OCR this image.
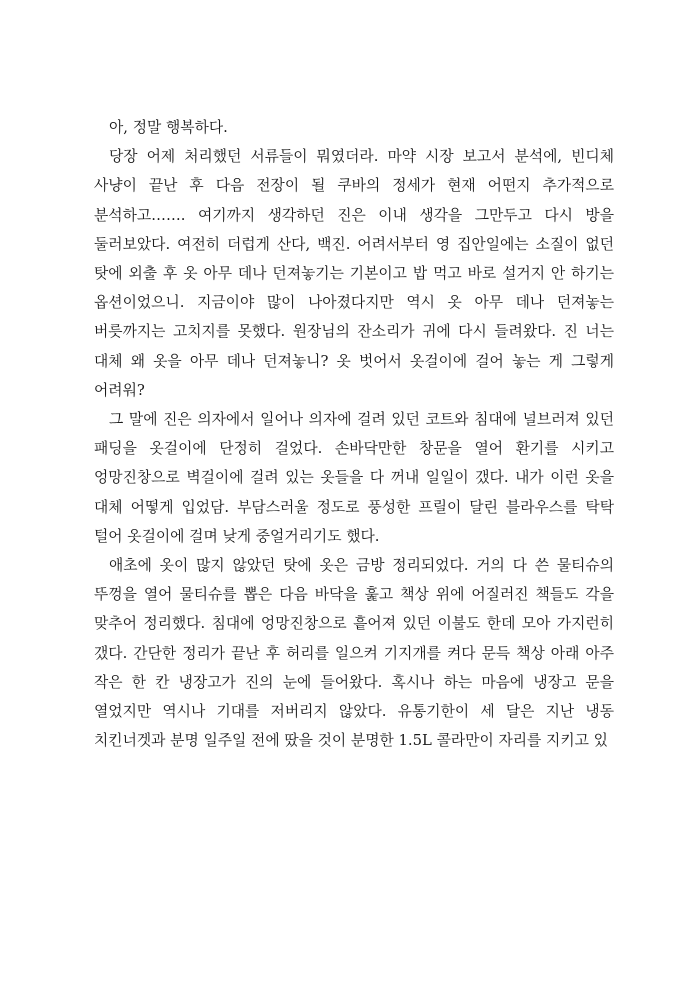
아, 정말 행복하다.

당장 어제 처리했던 서류들이 뭐였더라. 마약 시장 보고서 분석에, 빈디체 사냥이 끝난 후 다음 전장이 될 쿠바의 정세가 현재 어떤지 추가적으로 분석하고……. 여기까지 생각하던 진은 이내 생각을 그만두고 다시 방을 둘러보았다. 여전히 더럽게 산다, 백진. 어려서부터 영 집안일에는 소질이 없던 탓에 외출 후 옷 아무 데나 던져놓기는 기본이고 밥 먹고 바로 설거지 안 하기는 옵션이었으니. 지금이야 많이 나아졌다지만 역시 옷 아무 데나 던져놓는 버릇까지는 고치지를 못했다. 원장님의 잔소리가 귀에 다시 들려왔다. 진 너는 대체 왜 옷을 아무 데나 던져놓니? 옷 벗어서 옷걸이에 걸어 놓는 게 그렇게 어려워?

그 말에 진은 의자에서 일어나 의자에 걸려 있던 코트와 침대에 널브러져 있던 패딩을 옷걸이에 단정히 걸었다. 손바닥만한 창문을 열어 환기를 시키고 엉망진창으로 벽걸이에 걸려 있는 옷들을 다 꺼내 일일이 갰다. 내가 이런 옷을 대체 어떻게 입었담. 부담스러울 정도로 풍성한 프릴이 달린 블라우스를 탁탁 털어 옷걸이에 걸며 낮게 중얼거리기도 했다.

애초에 옷이 많지 않았던 탓에 옷은 금방 정리되었다. 거의 다 쓴 물티슈의 뚜껑을 열어 물티슈를 뽑은 다음 바닥을 훑고 책상 위에 어질러진 책들도 각을 맞추어 정리했다. 침대에 엉망진창으로 흩어져 있던 이불도 한데 모아 가지런히 갰다. 간단한 정리가 끝난 후 허리를 일으켜 기지개를 켜다 문득 책상 아래 아주 작은 한 칸 냉장고가 진의 눈에 들어왔다. 혹시나 하는 마음에 냉장고 문을 열었지만 역시나 기대를 저버리지 않았다. 유통기한이 세 달은 지난 냉동 치킨너겟과 분명 일주일 전에 땄을 것이 분명한 1.5L 콜라만이 자리를 지키고 있
